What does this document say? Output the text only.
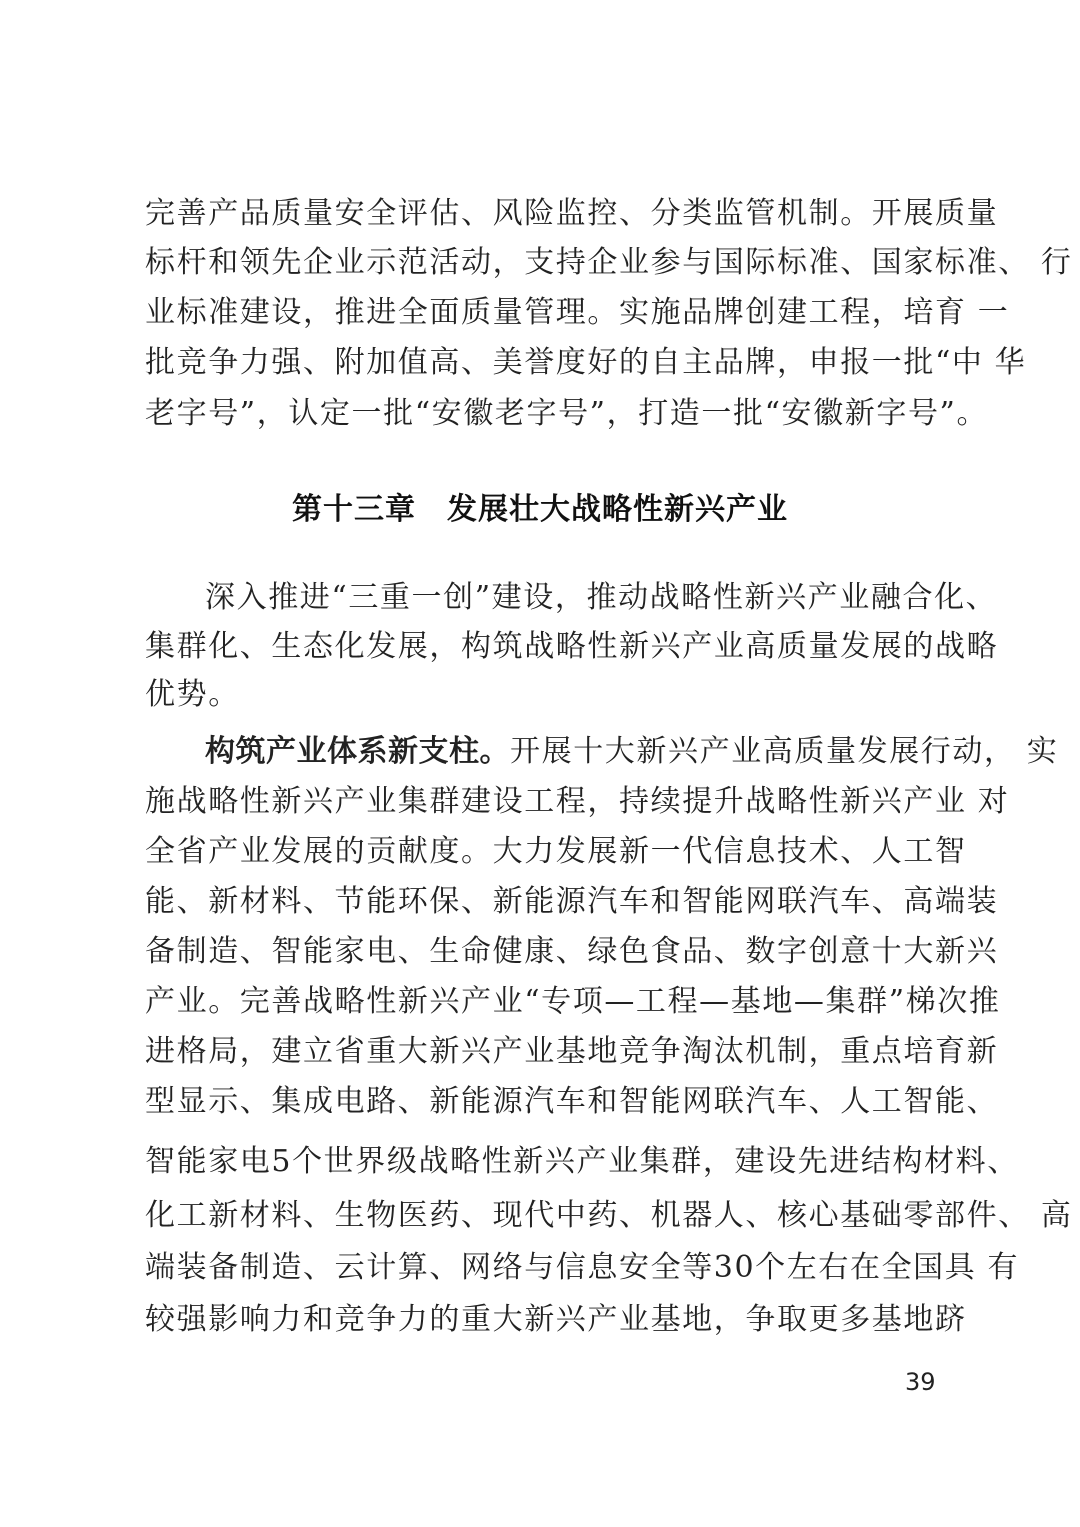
完善产品质量安全评估、风险监控、分类监管机制。开展质量
标杆和领先企业示范活动，支持企业参与国际标准、国家标准、 行
业标准建设，推进全面质量管理。实施品牌创建工程，培育 一
批竞争力强、附加值高、美誉度好的自主品牌，申报一批“中 华
老字号”，认定一批“安徽老字号”，打造一批“安徽新字号”。
第十三章　发展壮大战略性新兴产业
深入推进“三重一创”建设，推动战略性新兴产业融合化、
集群化、生态化发展，构筑战略性新兴产业高质量发展的战略
优势。
构筑产业体系新支柱。开展十大新兴产业高质量发展行动， 实
施战略性新兴产业集群建设工程，持续提升战略性新兴产业 对
全省产业发展的贡献度。大力发展新一代信息技术、人工智
能、新材料、节能环保、新能源汽车和智能网联汽车、高端装
备制造、智能家电、生命健康、绿色食品、数字创意十大新兴
产业。完善战略性新兴产业“专项—工程—基地—集群”梯次推
进格局，建立省重大新兴产业基地竞争淘汰机制，重点培育新
型显示、集成电路、新能源汽车和智能网联汽车、人工智能、
智能家电5个世界级战略性新兴产业集群，建设先进结构材料、
化工新材料、生物医药、现代中药、机器人、核心基础零部件、 高
端装备制造、云计算、网络与信息安全等30个左右在全国具 有
较强影响力和竞争力的重大新兴产业基地，争取更多基地跻
39
